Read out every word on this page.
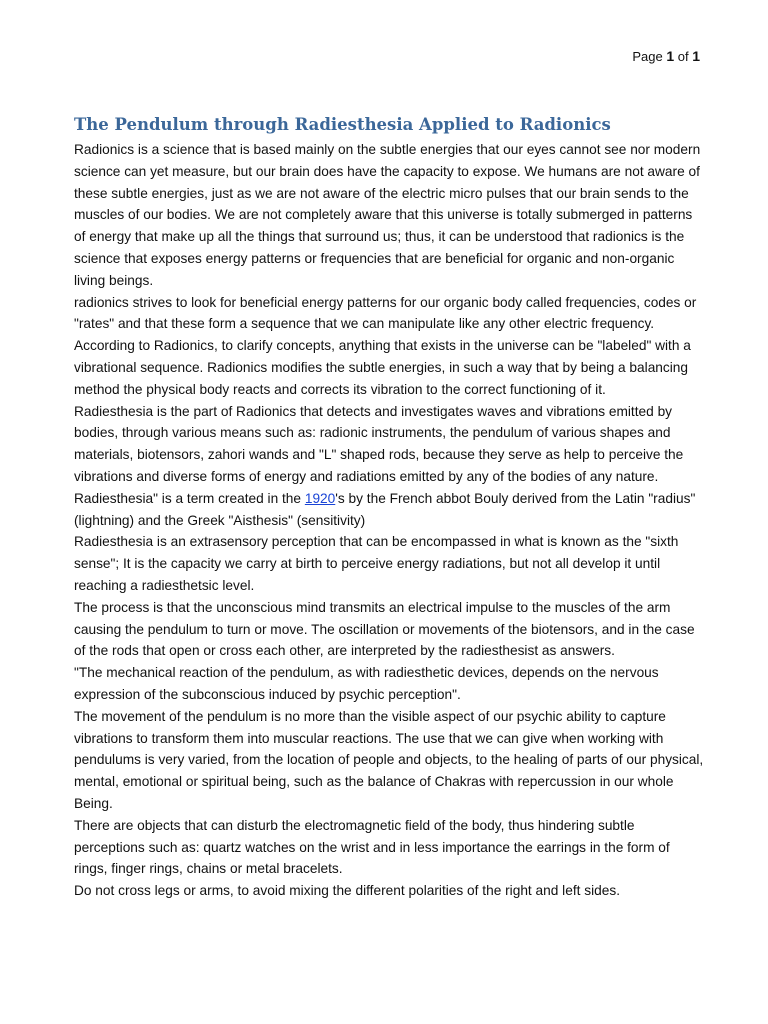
Page 1 of 1
The Pendulum through Radiesthesia Applied to Radionics

Radionics is a science that is based mainly on the subtle energies that our eyes cannot see nor modern science can yet measure, but our brain does have the capacity to expose. We humans are not aware of these subtle energies, just as we are not aware of the electric micro pulses that our brain sends to the muscles of our bodies. We are not completely aware that this universe is totally submerged in patterns of energy that make up all the things that surround us; thus, it can be understood that radionics is the science that exposes energy patterns or frequencies that are beneficial for organic and non-organic living beings.

radionics strives to look for beneficial energy patterns for our organic body called frequencies, codes or "rates" and that these form a sequence that we can manipulate like any other electric frequency.

According to Radionics, to clarify concepts, anything that exists in the universe can be "labeled" with a vibrational sequence. Radionics modifies the subtle energies, in such a way that by being a balancing method the physical body reacts and corrects its vibration to the correct functioning of it.

Radiesthesia is the part of Radionics that detects and investigates waves and vibrations emitted by bodies, through various means such as: radionic instruments, the pendulum of various shapes and materials, biotensors, zahori wands and "L" shaped rods, because they serve as help to perceive the vibrations and diverse forms of energy and radiations emitted by any of the bodies of any nature.

Radiesthesia" is a term created in the 1920's by the French abbot Bouly derived from the Latin "radius" (lightning) and the Greek "Aisthesis" (sensitivity)

Radiesthesia is an extrasensory perception that can be encompassed in what is known as the "sixth sense"; It is the capacity we carry at birth to perceive energy radiations, but not all develop it until reaching a radiesthetsic level.

The process is that the unconscious mind transmits an electrical impulse to the muscles of the arm causing the pendulum to turn or move. The oscillation or movements of the biotensors, and in the case of the rods that open or cross each other, are interpreted by the radiesthesist as answers.

"The mechanical reaction of the pendulum, as with radiesthetic devices, depends on the nervous expression of the subconscious induced by psychic perception".

The movement of the pendulum is no more than the visible aspect of our psychic ability to capture vibrations to transform them into muscular reactions. The use that we can give when working with pendulums is very varied, from the location of people and objects, to the healing of parts of our physical, mental, emotional or spiritual being, such as the balance of Chakras with repercussion in our whole Being.

There are objects that can disturb the electromagnetic field of the body, thus hindering subtle perceptions such as: quartz watches on the wrist and in less importance the earrings in the form of rings, finger rings, chains or metal bracelets.

Do not cross legs or arms, to avoid mixing the different polarities of the right and left sides.
